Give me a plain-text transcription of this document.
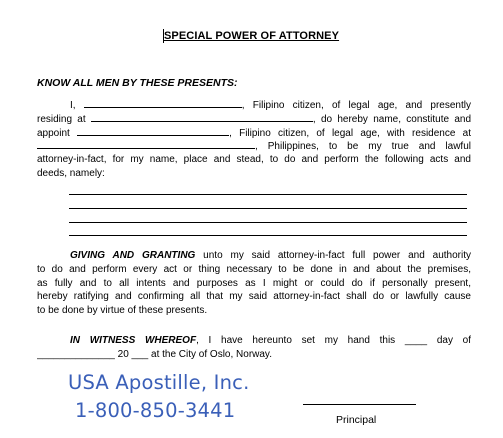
SPECIAL POWER OF ATTORNEY
KNOW ALL MEN BY THESE PRESENTS:
I,	, Filipino citizen, of legal age, and presently
residing at	, do hereby name, constitute and
appoint	, Filipino citizen, of legal age, with residence at
, Philippines, to be my true and lawful
attorney-in-fact, for my name, place and stead, to do and perform the following acts and
deeds, namely:
GIVING AND GRANTING unto my said attorney-in-fact full power and authority
to do and perform every act or thing necessary to be done in and about the premises,
as fully and to all intents and purposes as I might or could do if personally present,
hereby ratifying and confirming all that my said attorney-in-fact shall do or lawfully cause
to be done by virtue of these presents.
IN WITNESS WHEREOF, I have hereunto set my hand this ____ day of
______________ 20 ___ at the City of Oslo, Norway.
USA Apostille, Inc.
1-800-850-3441	Principal
